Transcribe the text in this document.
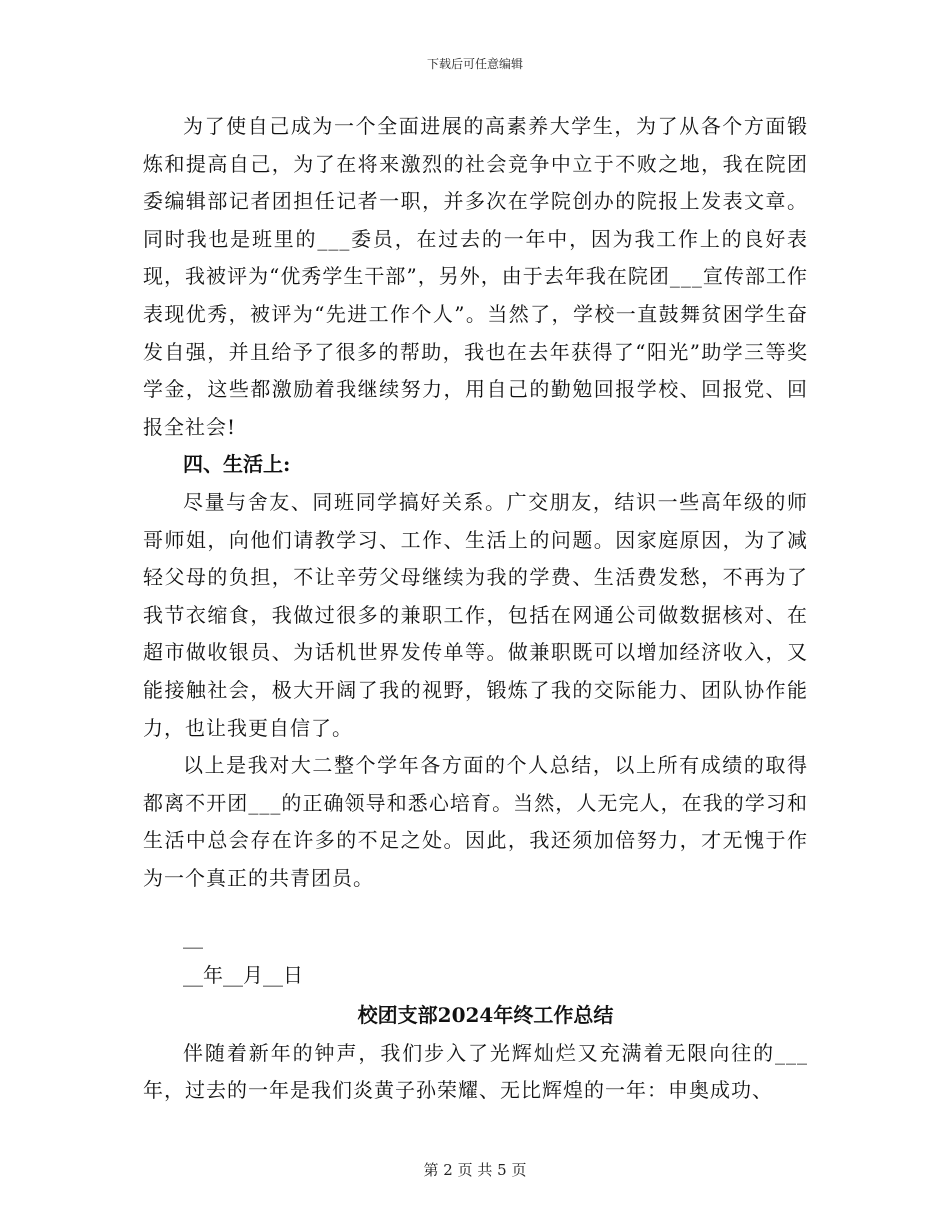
下载后可任意编辑

为了使自己成为一个全面进展的高素养大学生，为了从各个方面锻炼和提高自己，为了在将来激烈的社会竞争中立于不败之地，我在院团委编辑部记者团担任记者一职，并多次在学院创办的院报上发表文章。同时我也是班里的___委员，在过去的一年中，因为我工作上的良好表现，我被评为“优秀学生干部”，另外，由于去年我在院团___宣传部工作表现优秀，被评为“先进工作个人”。当然了，学校一直鼓舞贫困学生奋发自强，并且给予了很多的帮助，我也在去年获得了“阳光”助学三等奖学金，这些都激励着我继续努力，用自己的勤勉回报学校、回报党、回报全社会!

四、生活上:

尽量与舍友、同班同学搞好关系。广交朋友，结识一些高年级的师哥师姐，向他们请教学习、工作、生活上的问题。因家庭原因，为了减轻父母的负担，不让辛劳父母继续为我的学费、生活费发愁，不再为了我节衣缩食，我做过很多的兼职工作，包括在网通公司做数据核对、在超市做收银员、为话机世界发传单等。做兼职既可以增加经济收入，又能接触社会，极大开阔了我的视野，锻炼了我的交际能力、团队协作能力，也让我更自信了。

以上是我对大二整个学年各方面的个人总结，以上所有成绩的取得都离不开团___的正确领导和悉心培育。当然，人无完人，在我的学习和生活中总会存在许多的不足之处。因此，我还须加倍努力，才无愧于作为一个真正的共青团员。

__

__年__月__日

校团支部2024年终工作总结

伴随着新年的钟声，我们步入了光辉灿烂又充满着无限向往的___年，过去的一年是我们炎黄子孙荣耀、无比辉煌的一年：申奥成功、

第 2 页 共 5 页
